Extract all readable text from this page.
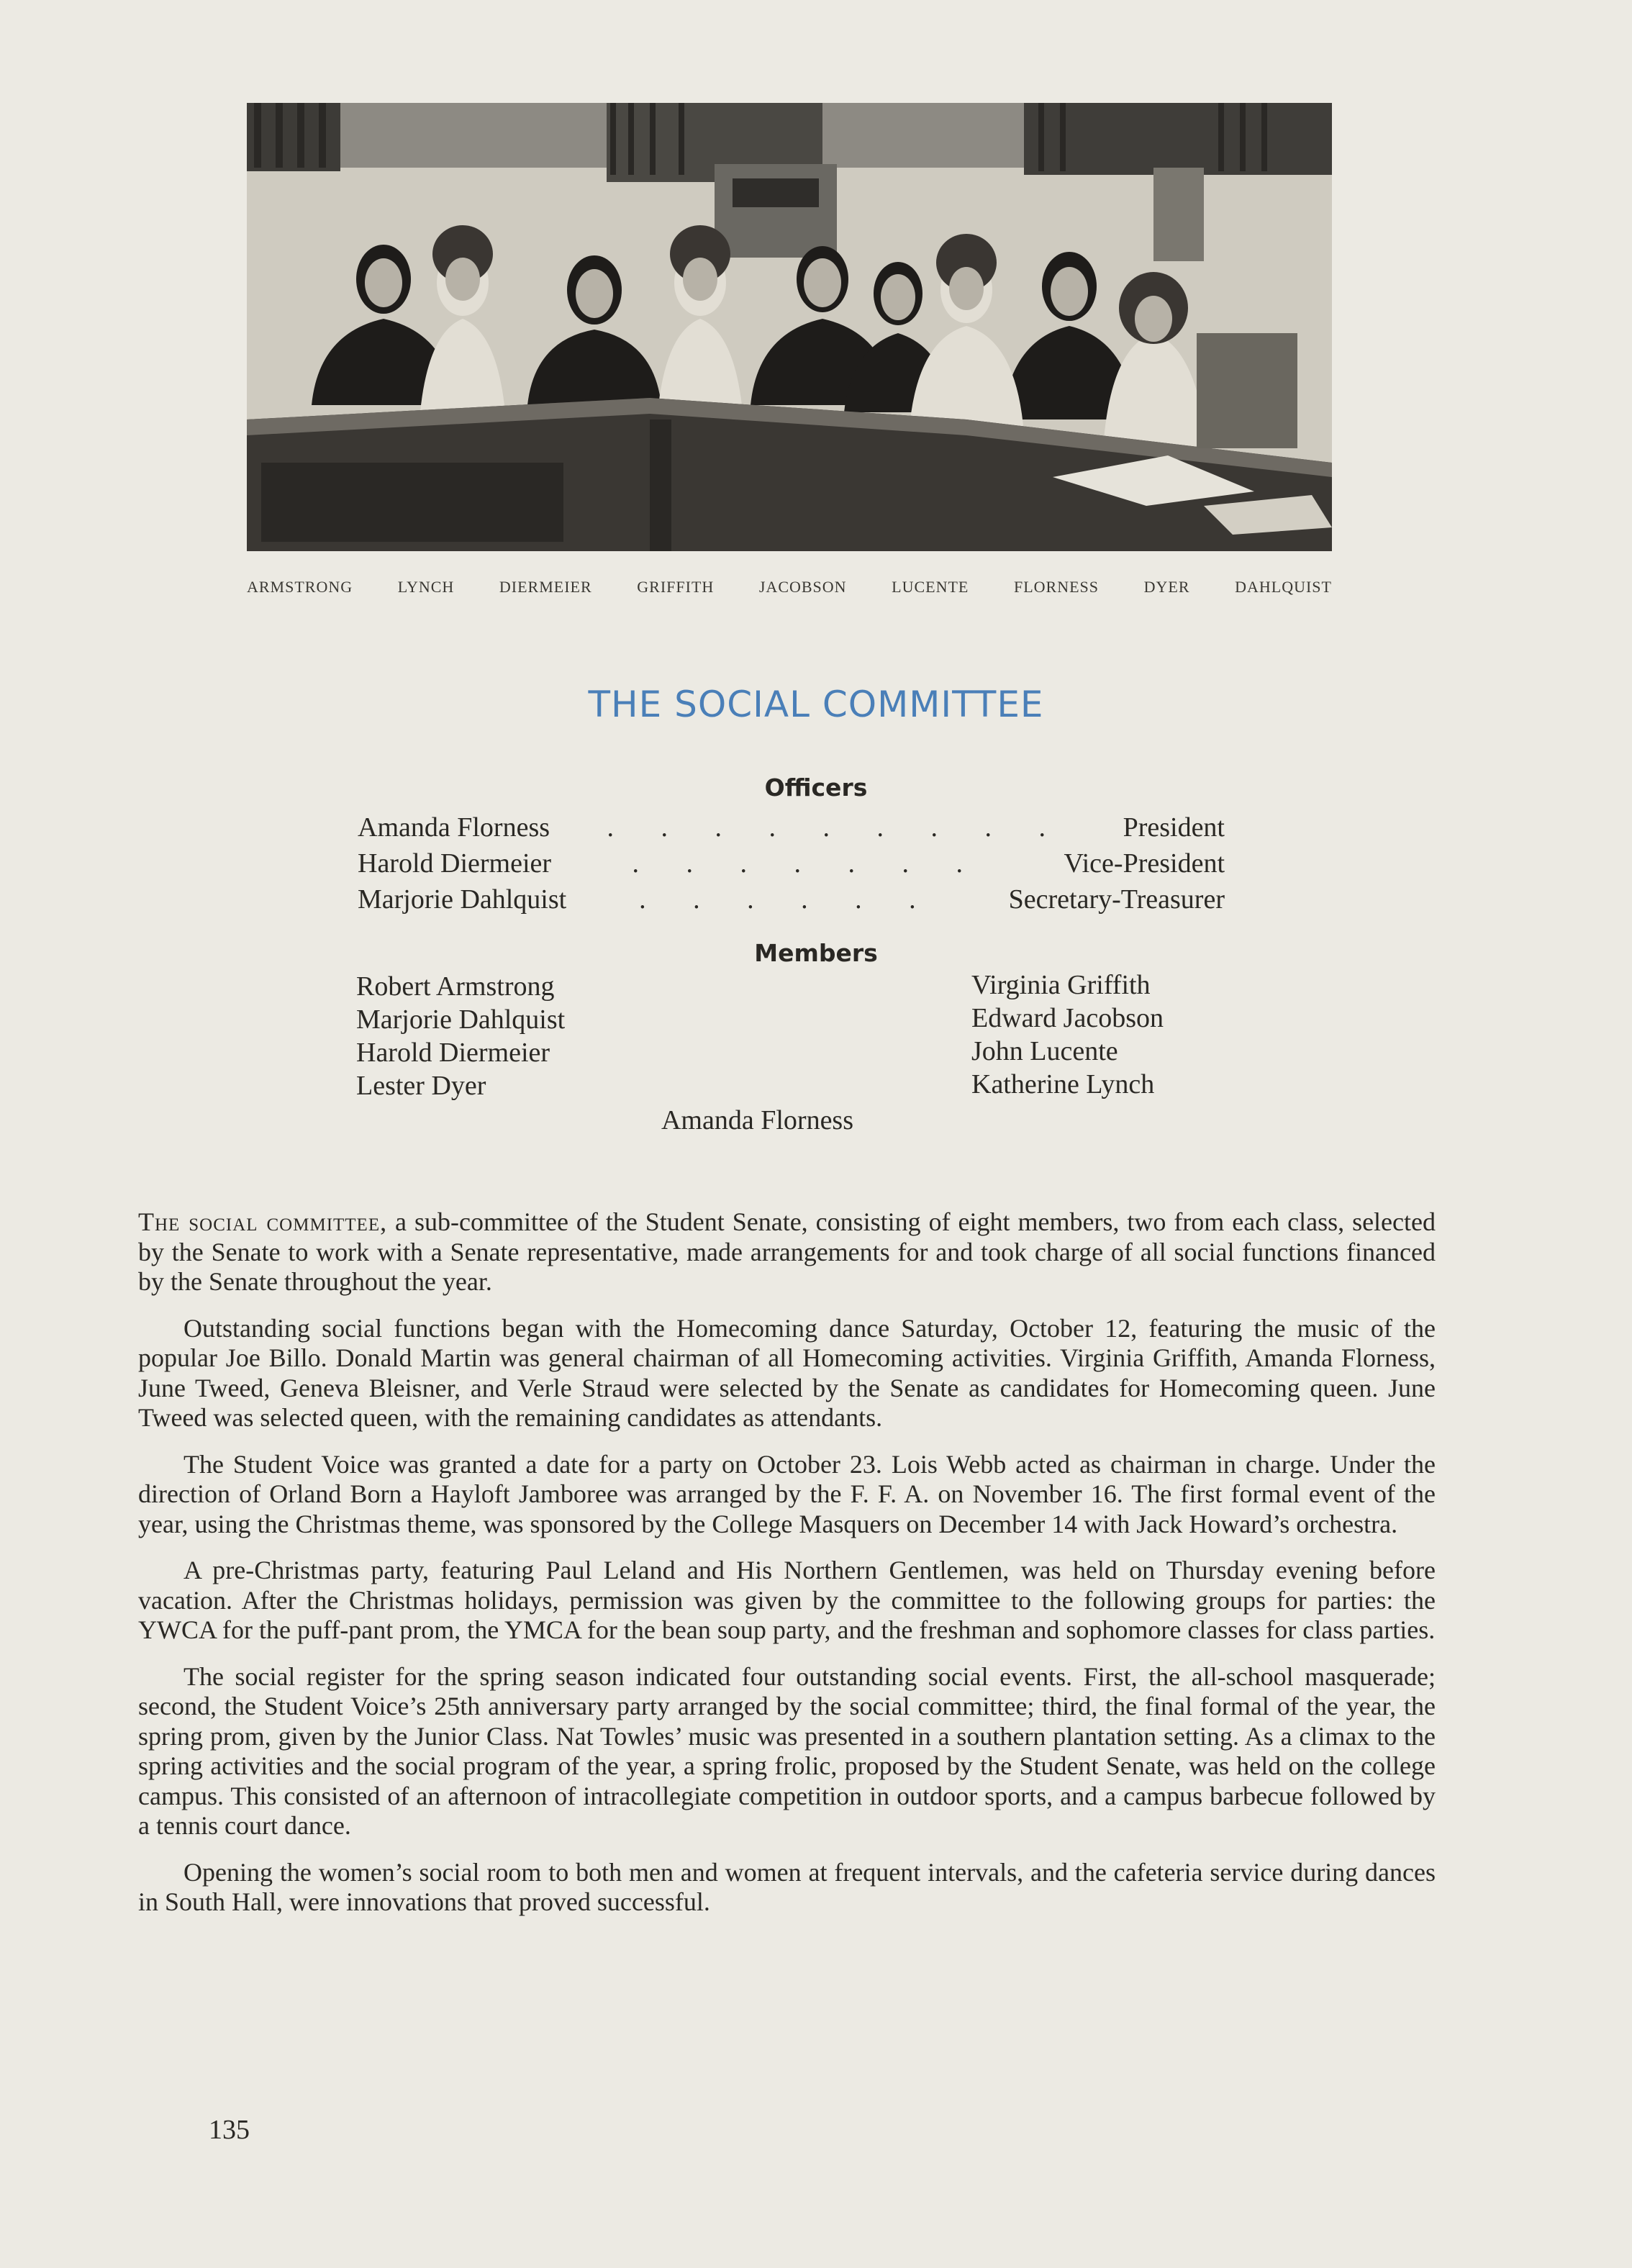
ARMSTRONG	LYNCH	DIERMEIER	GRIFFITH	JACOBSON	LUCENTE	FLORNESS	DYER	DAHLQUIST
THE SOCIAL COMMITTEE
Officers
Amanda Florness	. . . . . . . . .	President
Harold Diermeier	. . . . . . .	Vice-President
Marjorie Dahlquist	. . . . . .	Secretary-Treasurer
Members
Robert Armstrong
Marjorie Dahlquist
Harold Diermeier
Lester Dyer
Virginia Griffith
Edward Jacobson
John Lucente
Katherine Lynch
Amanda Florness

The social committee, a sub-committee of the Student Senate, consisting of eight members, two from each class, selected by the Senate to work with a Senate representative, made arrangements for and took charge of all social functions financed by the Senate throughout the year.

Outstanding social functions began with the Homecoming dance Saturday, October 12, featuring the music of the popular Joe Billo. Donald Martin was general chairman of all Homecoming activities. Virginia Griffith, Amanda Florness, June Tweed, Geneva Bleisner, and Verle Straud were selected by the Senate as candidates for Homecoming queen. June Tweed was selected queen, with the remaining candidates as attendants.

The Student Voice was granted a date for a party on October 23. Lois Webb acted as chairman in charge. Under the direction of Orland Born a Hayloft Jamboree was arranged by the F. F. A. on November 16. The first formal event of the year, using the Christmas theme, was sponsored by the College Masquers on December 14 with Jack Howard’s orchestra.

A pre-Christmas party, featuring Paul Leland and His Northern Gentlemen, was held on Thursday evening before vacation. After the Christmas holidays, permission was given by the committee to the following groups for parties: the YWCA for the puff-pant prom, the YMCA for the bean soup party, and the freshman and sophomore classes for class parties.

The social register for the spring season indicated four outstanding social events. First, the all-school masquerade; second, the Student Voice’s 25th anniversary party arranged by the social committee; third, the final formal of the year, the spring prom, given by the Junior Class. Nat Towles’ music was presented in a southern plantation setting. As a climax to the spring activities and the social program of the year, a spring frolic, proposed by the Student Senate, was held on the college campus. This consisted of an afternoon of intracollegiate competition in outdoor sports, and a campus barbecue followed by a tennis court dance.

Opening the women’s social room to both men and women at frequent intervals, and the cafeteria service during dances in South Hall, were innovations that proved successful.

135
